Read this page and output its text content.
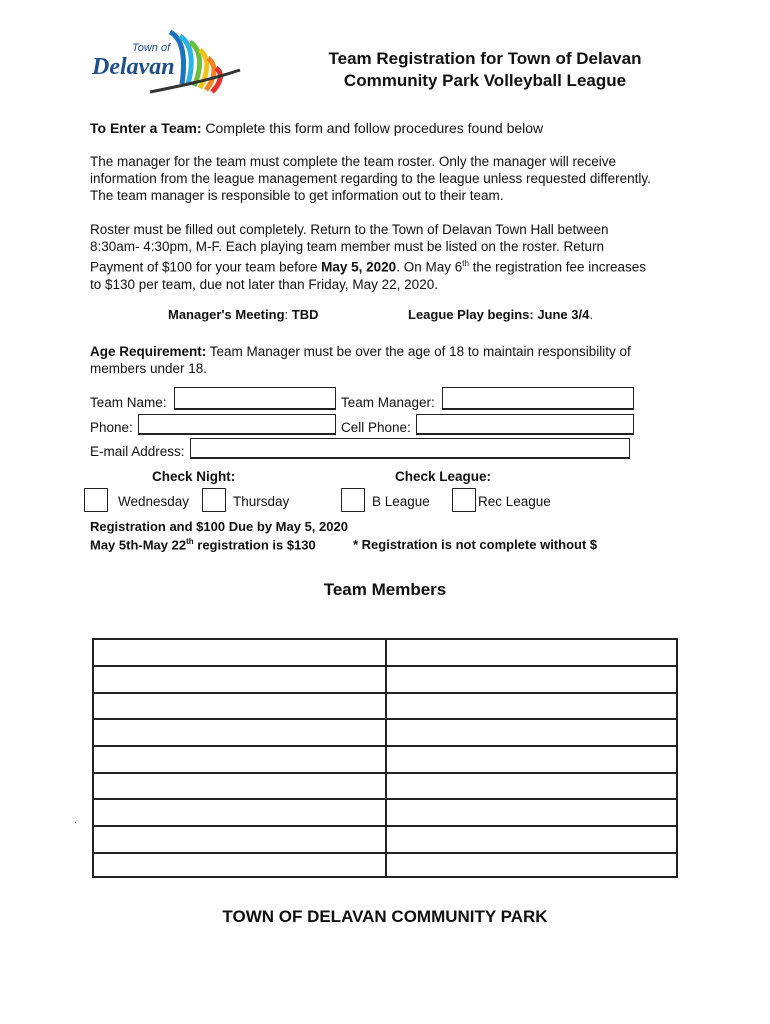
Town of
Delavan	Team Registration for Town of Delavan
Community Park Volleyball League
To Enter a Team: Complete this form and follow procedures found below
The manager for the team must complete the team roster. Only the manager will receive
information from the league management regarding to the league unless requested differently.
The team manager is responsible to get information out to their team.
Roster must be filled out completely. Return to the Town of Delavan Town Hall between
8:30am- 4:30pm, M-F. Each playing team member must be listed on the roster. Return
Payment of $100 for your team before May 5, 2020. On May 6th the registration fee increases
to $130 per team, due not later than Friday, May 22, 2020.
Manager's Meeting: TBD	League Play begins: June 3/4.
Age Requirement: Team Manager must be over the age of 18 to maintain responsibility of
members under 18.
Team Name:	Team Manager:
Phone:	Cell Phone:
E-mail Address:
Check Night:	Check League:
Wednesday	Thursday	B League	Rec League
Registration and $100 Due by May 5, 2020
May 5th-May 22th registration is $130	* Registration is not complete without $
Team Members
.
TOWN OF DELAVAN COMMUNITY PARK
